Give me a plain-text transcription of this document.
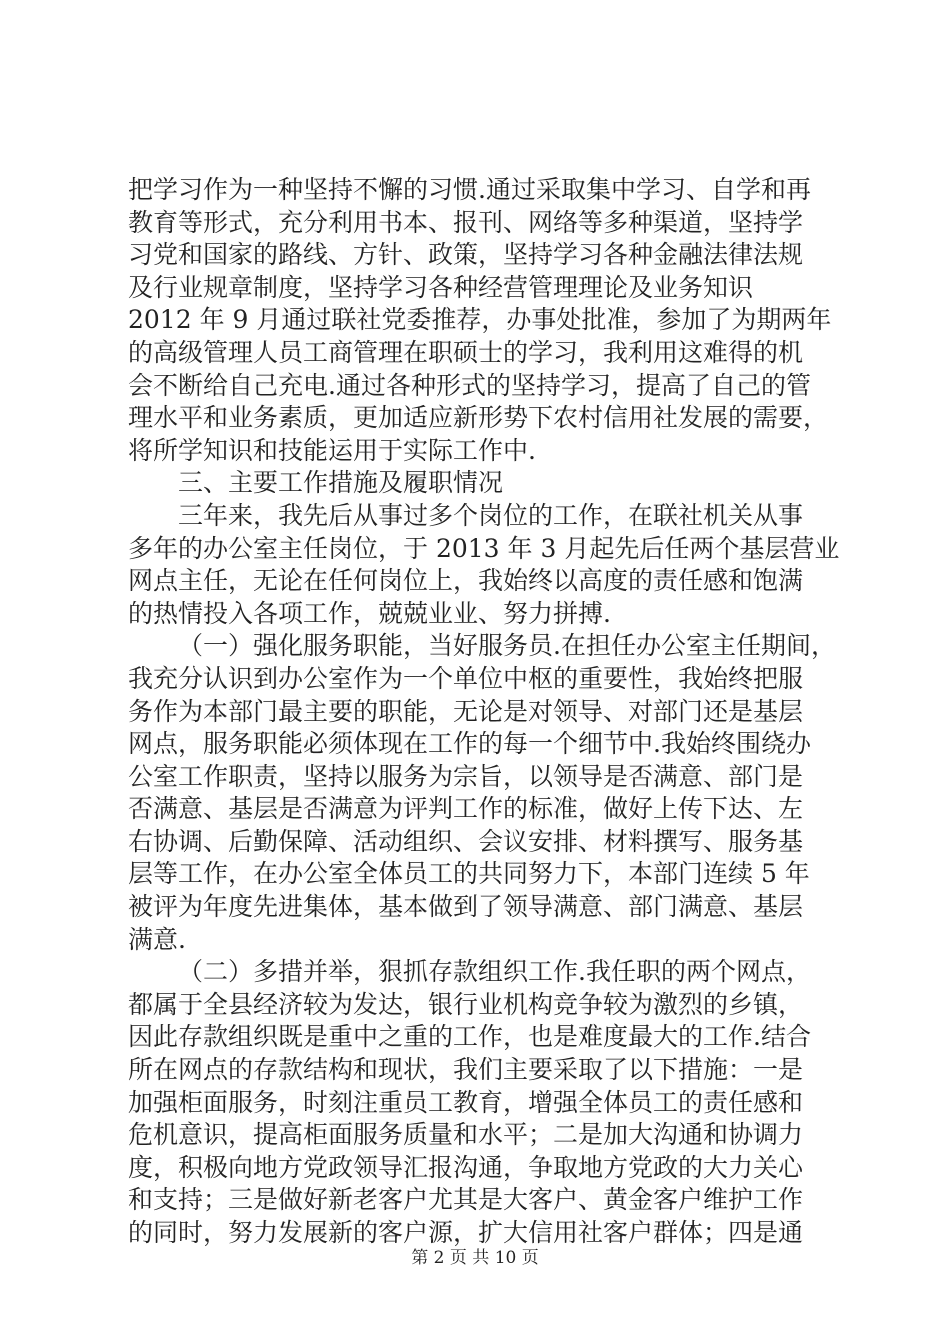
把学习作为一种坚持不懈的习惯.通过采取集中学习、自学和再
教育等形式，充分利用书本、报刊、网络等多种渠道，坚持学
习党和国家的路线、方针、政策，坚持学习各种金融法律法规
及行业规章制度，坚持学习各种经营管理理论及业务知识
2012 年 9 月通过联社党委推荐，办事处批准，参加了为期两年
的高级管理人员工商管理在职硕士的学习，我利用这难得的机
会不断给自己充电.通过各种形式的坚持学习，提高了自己的管
理水平和业务素质，更加适应新形势下农村信用社发展的需要，
将所学知识和技能运用于实际工作中.
三、主要工作措施及履职情况
三年来，我先后从事过多个岗位的工作，在联社机关从事
多年的办公室主任岗位，于 2013 年 3 月起先后任两个基层营业
网点主任，无论在任何岗位上，我始终以高度的责任感和饱满
的热情投入各项工作，兢兢业业、努力拼搏.
（一）强化服务职能，当好服务员.在担任办公室主任期间，
我充分认识到办公室作为一个单位中枢的重要性，我始终把服
务作为本部门最主要的职能，无论是对领导、对部门还是基层
网点，服务职能必须体现在工作的每一个细节中.我始终围绕办
公室工作职责，坚持以服务为宗旨，以领导是否满意、部门是
否满意、基层是否满意为评判工作的标准，做好上传下达、左
右协调、后勤保障、活动组织、会议安排、材料撰写、服务基
层等工作，在办公室全体员工的共同努力下，本部门连续 5 年
被评为年度先进集体，基本做到了领导满意、部门满意、基层
满意.
（二）多措并举，狠抓存款组织工作.我任职的两个网点，
都属于全县经济较为发达，银行业机构竞争较为激烈的乡镇，
因此存款组织既是重中之重的工作，也是难度最大的工作.结合
所在网点的存款结构和现状，我们主要采取了以下措施：一是
加强柜面服务，时刻注重员工教育，增强全体员工的责任感和
危机意识，提高柜面服务质量和水平；二是加大沟通和协调力
度，积极向地方党政领导汇报沟通，争取地方党政的大力关心
和支持；三是做好新老客户尤其是大客户、黄金客户维护工作
的同时，努力发展新的客户源，扩大信用社客户群体；四是通
第 2 页 共 10 页
